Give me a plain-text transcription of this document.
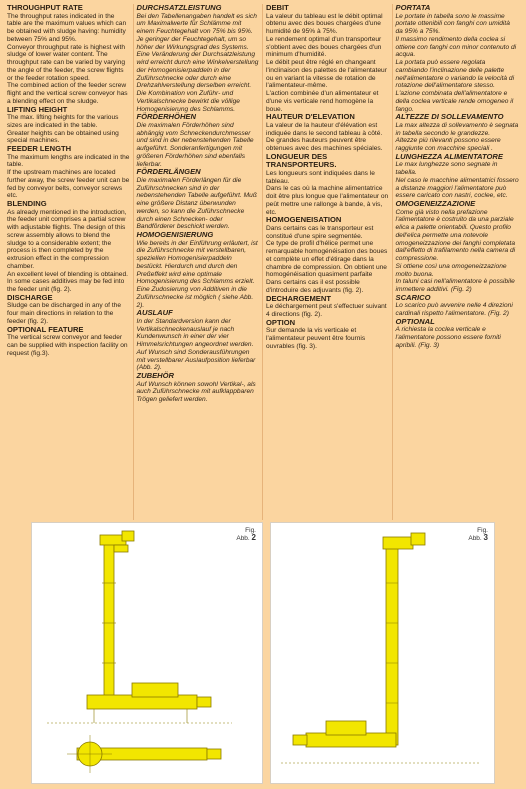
THROUGHPUT RATE

The throughput rates indicated in the table are the maximum values which can be obtained with sludge having: humidity between 75% and 95%.

Conveyor throughput rate is highest with sludge of lower water content. The throughput rate can be varied by varying the angle of the feeder, the screw flights or the feeder rotation speed.

The combined action of the feeder screw flight and the vertical screw conveyor has a blending effect on the sludge.

LIFTING HEIGHT

The max. lifting heights for the various sizes are indicated in the table.

Greater heights can be obtained using special machines.

FEEDER LENGTH

The maximum lengths are indicated in the table.

If the upstream machines are located further away, the screw feeder unit can be fed by conveyor belts, conveyor screws etc.

BLENDING

As already mentioned in the introduction, the feeder unit comprises a partial screw with adjustable flights. The design of this screw assembly allows to blend the sludge to a considerable extent; the process is then completed by the extrusion effect in the compression chamber.

An excellent level of blending is obtained.

In some cases additives may be fed into the feeder unit (fig. 2).

DISCHARGE

Sludge can be discharged in any of the four main directions in relation to the feeder (fig. 2).

OPTIONAL FEATURE

The vertical screw conveyor and feeder can be supplied with inspection facility on request (fig.3).

DURCHSATZLEISTUNG

Bei den Tabellenangaben handelt es sich um Maximalwerte für Schlämme mit einem Feuchtegehalt von 75% bis 95%.

Je geringer der Feuchtegehalt, um so höher der Wirkungsgrad des Systems.

Eine Veränderung der Durchsatzleistung wird erreicht durch eine Winkelverstellung der Homogenisierpaddeln in der Zuführschnecke oder durch eine Drehzahlverstellung derselben erreicht. Die Kombination von Zuführ- und Vertikalschnecke bewirkt die völlige Homogenisierung des Schlamms.

FÖRDERHÖHEN

Die maximalen Förderhöhen sind abhängig vom Schneckendurchmesser und sind in der nebenstehenden Tabelle aufgeführt. Sonderanfertigungen mit größeren Förderhöhen sind ebenfalls lieferbar.

FÖRDERLÄNGEN

Die maximalen Förderlängen für die Zuführschnecken sind in der nebenstehenden Tabelle aufgeführt. Muß eine größere Distanz überwunden werden, so kann die Zuführschnecke durch einen Schnecken- oder Bandförderer beschickt werden.

HOMOGENISIERUNG

Wie bereits in der Einführung erläutert, ist die Zuführschnecke mit verstellbaren, speziellen Homogenisierpaddeln bestückt. Hierdurch und durch den Preßeffekt wird eine optimale Homogenisierung des Schlamms erzielt. Eine Zudosierung von Additiven in die Zuführschnecke ist möglich ( siehe Abb. 2).

AUSLAUF

In der Standardversion kann der Vertikalschneckenauslauf je nach Kundenwunsch in einer der vier Himmelsrichtungen angeordnet werden. Auf Wunsch sind Sonderausführungen mit verstellbarer Auslaufposition lieferbar (Abb. 2).

ZUBEHÖR

Auf Wunsch können sowohl Vertikal-, als auch Zuführschnecke mit aufklappbaren Trögen geliefert werden.

DEBIT

La valeur du tableau est le débit optimal obtenu avec des boues chargées d'une humidité de 95% à 75%.

Le rendement optimal d'un transporteur s'obtient avec des boues chargées d'un minimum d'humidité.

Le débit peut être réglé en changeant l'inclinaison des palettes de l'alimentateur ou en variant la vitesse de rotation de l'alimentateur-même.

L'action combinée d'un alimentateur et d'une vis verticale rend homogène la boue.

HAUTEUR D'ELEVATION

La valeur de la hauteur d'élévation est indiquée dans le second tableau à côté.

De grandes hauteurs peuvent être obtenues avec des machines spéciales.

LONGUEUR DES TRANSPORTEURS.

Les longueurs sont indiquées dans le tableau.

Dans le cas où la machine alimentatrice doit être plus longue que l'alimentateur on peût mettre une rallonge à bande, à vis, etc.

HOMOGENEISATION

Dans certains cas le transporteur est constitué d'une spire segmentée.

Ce type de profil d'hélice permet une remarquable homogénéisation des boues et complète un effet d'étirage dans la chambre de compression. On obtient une homogénéisation quasiment parfaite

Dans certains cas il est possible d'introduire des adjuvants (fig. 2).

DECHARGEMENT

Le déchargement peut s'effectuer suivant 4 directions (fig. 2).

OPTION

Sur demande la vis verticale et l'alimentateur peuvent être fournis ouvrables (fig. 3).

PORTATA

Le portate in tabella sono le massime portate ottenibili con fanghi con umidità da 95% a 75%.

Il massimo rendimento della coclea si ottiene con fanghi con minor contenuto di acqua.

La portata può essere regolata cambiando l'inclinazione delle palette nell'alimentatore o variando la velocità di rotazione dell'alimentatore stesso.

L'azione combinata dell'alimentatore e della coclea verticale rende omogeneo il fango.

ALTEZZE DI SOLLEVAMENTO

La max altezza di sollevamento è segnata in tabella secondo le grandezze.

Altezze più rilevanti possono essere raggiunte con macchine speciali .

LUNGHEZZA ALIMENTATORE

Le max lunghezze sono segnate in tabella.

Nel caso le macchine alimentatrici fossero a distanze maggiori l'alimentatore può essere caricato con nastri, coclee, etc.

OMOGENEIZZAZIONE

Come già visto nella prefazione l'alimentatore è costruito da una parziale elica a palette orientabili. Questo profilo dell'elica permette una notevole omogeneizzazione dei fanghi completata dall'effetto di trafilamento nella camera di compressione.

Si ottiene così una omogeneizzazione molto buona.

In taluni casi nell'alimentatore è possibile immettere additivi. (Fig. 2)

SCARICO

Lo scarico può avvenire nelle 4 direzioni cardinali rispetto l'alimentatore. (Fig. 2)

OPTIONAL

A richiesta la coclea verticale e l'alimentatore possono essere forniti apribili. (Fig. 3)

Fig.
Abb. 2
Fig.
Abb. 3
